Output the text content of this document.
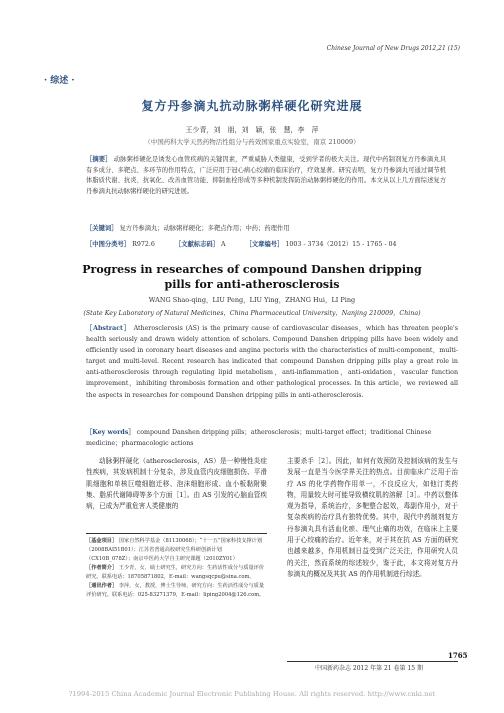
Chinese Journal of New Drugs 2012,21 (15)
· 综述 ·
复方丹参滴丸抗动脉粥样硬化研究进展
王少青，刘　朋，刘　颖，张　慧，李　萍
（中国药科大学天然药物活性组分与药效国家重点实验室，南京 210009）
［摘要］ 动脉粥样硬化是诱发心血管疾病的关键因素，严重威胁人类健康，受到学者的极大关注。现代中药制剂复方丹参滴丸具有多成分、多靶点、多环节的作用特点，广泛应用于冠心病心绞痛的临床治疗，疗效显著。研究表明，复方丹参滴丸可通过调节机体脂质代谢、抗炎、抗氧化、改善血管功能、抑制血栓形成等多种机制发挥防治动脉粥样硬化的作用。本文从以上几方面综述复方丹参滴丸抗动脉粥样硬化的研究进展。
［关键词］ 复方丹参滴丸；动脉粥样硬化；多靶点作用；中药；药理作用
［中图分类号］ R972.6	［文献标志码］ A	［文章编号］ 1003 - 3734（2012）15 - 1765 - 04
Progress in researches of compound Danshen dripping
pills for anti-atherosclerosis
WANG Shao-qing，LIU Peng，LIU Ying，ZHANG Hui，LI Ping
(State Key Laboratory of Natural Medicines，China Pharmaceutical University，Nanjing 210009，China)
［Abstract］ Atherosclerosis (AS) is the primary cause of cardiovascular diseases，which has threaten people's health seriously and drawn widely attention of scholars. Compound Danshen dripping pills have been widely and efficiently used in coronary heart diseases and angina pectoris with the characteristics of multi-component，multi-target and multi-level. Recent research has indicated that compound Danshen dripping pills play a great role in anti-atherosclerosis through regulating lipid metabolism，anti-inflammation，anti-oxidation，vascular function improvement，inhibiting thrombosis formation and other pathological processes. In this article，we reviewed all the aspects in researches for compound Danshen dripping pills in anti-atherosclerosis.
［Key words］ compound Danshen dripping pills；atherosclerosis；multi-target effect；traditional Chinese medicine；pharmacologic actions
动脉粥样硬化（atherosclerosis，AS）是一种慢性炎症性疾病，其发病机制十分复杂，涉及血管内皮细胞损伤、平滑肌细胞和单核巨噬细胞迁移、泡沫细胞形成、血小板黏附聚集、脂质代谢障碍等多个方面［1］。由 AS 引发的心脑血管疾病，已成为严重危害人类健康的
主要杀手［2］。因此，如何有效预防及控制该病的发生与发展一直是当今医学界关注的热点。目前临床广泛用于治疗 AS 的化学药物作用单一，不良反应大，如他汀类药物，用量较大时可能导致横纹肌的溶解［3］。中药以整体观为指导，系统治疗，多靶整合起效，毒副作用小，对于复杂疾病的治疗具有独特优势。其中，现代中药制剂复方丹参滴丸具有活血化瘀、理气止痛的功效，在临床上主要用于心绞痛的治疗。近年来，对于其在抗 AS 方面的研究也越来越多，作用机制日益受到广泛关注，作用研究人员的关注，然而系统的综述较少，鉴于此，本文将对复方丹参滴丸的概况及其抗 AS 的作用机制进行综述。
［基金项目］ 国家自然科学基金（81130068）；“十一五”国家科技支撑计划（2008BAI51B01）；江苏省普通高校研究生科研创新计划（CX10B_078Z）；南京中医药大学自主研究课题（2010ZY01）
［作者简介］ 王少青，女，硕士研究生，研究方向：生药活性成分与质量评价研究。联系电话：18705871802，E-mail：wangsqcpu@sina.com。
［通讯作者］ 李萍，女，教授，博士生导师，研究方向：生药活性成分与质量评价研究。联系电话：025-83271379，E-mail：liping2004@126.com。
1765
中国新药杂志 2012 年第 21 卷第 15 期
?1994-2015 China Academic Journal Electronic Publishing House. All rights reserved. http://www.cnki.net
